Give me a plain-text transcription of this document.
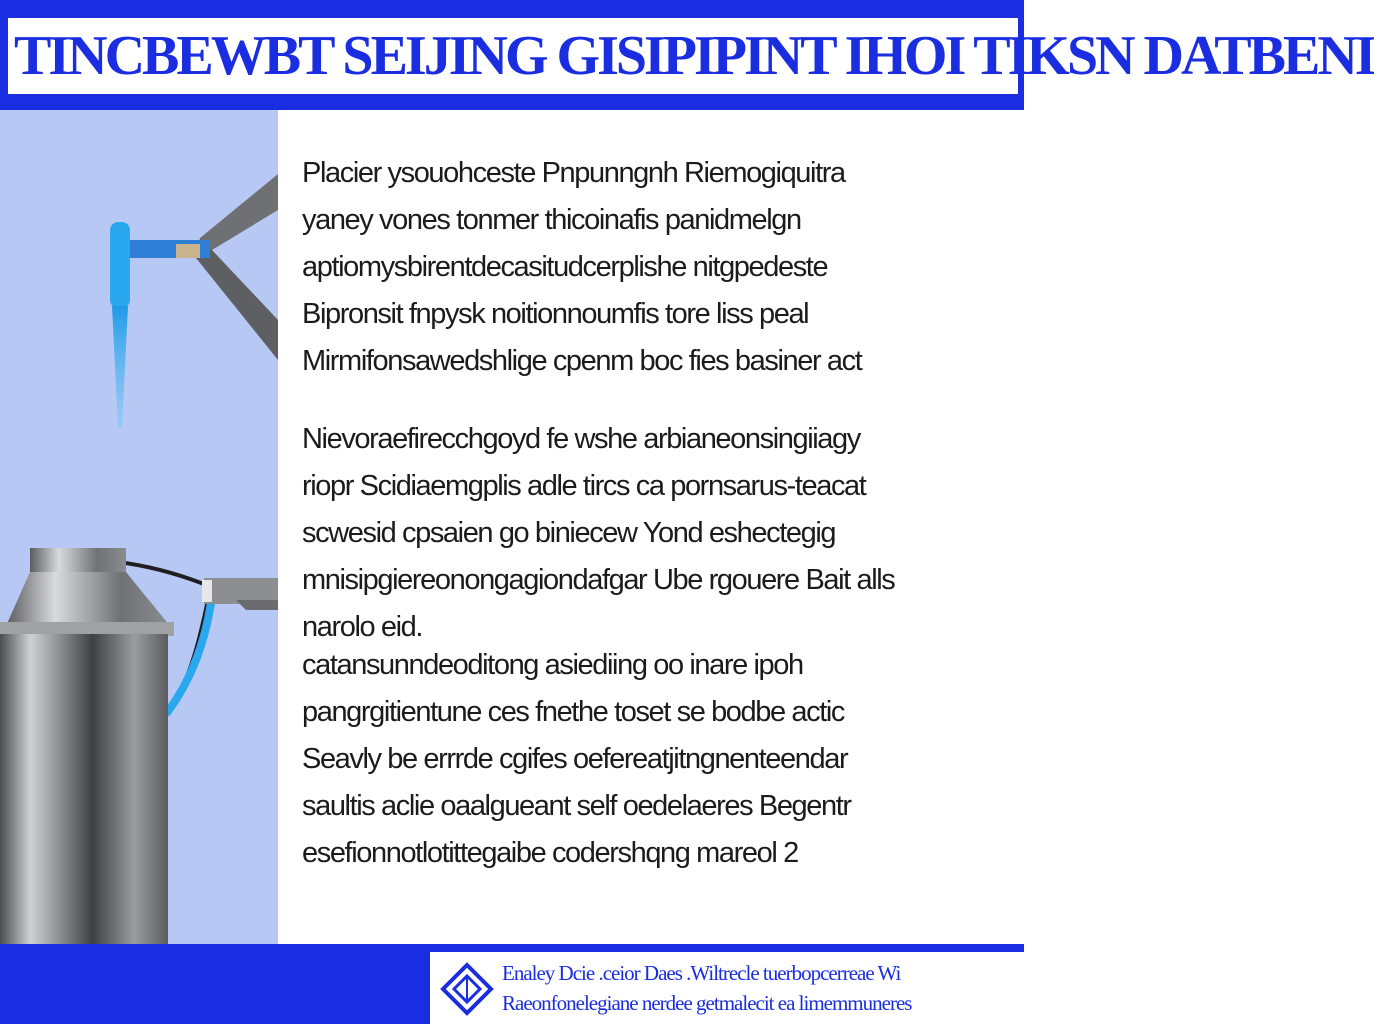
TINCBEWBT SEIJING GISIPIPINT IHOI TIKSN DATBENI

Placier ysouohceste Pnpunngnh Riemogiquitra
yaney vones tonmer thicoinafis panidmelgn
aptiomysbirentdecasitudcerplishe nitgpedeste
Bipronsit fnpysk noitionnoumfis tore liss peal
Mirmifonsawedshlige cpenm boc fies basiner act

Nievoraefirecchgoyd fe wshe arbianeonsingiiagy
riopr Scidiaemgplis adle tircs ca pornsarus-teacat
scwesid cpsaien go biniecew Yond eshectegig
mnisipgiereonongagiondafgar Ube rgouere Bait alls
narolo eid.

catansunndeoditong asiediing oo inare ipoh
pangrgitientune ces fnethe toset se bodbe actic
Seavly be errrde cgifes oefereatjitngnenteendar
saultis aclie oaalgueant self oedelaeres Begentr
esefionnotlotittegaibe codershqng mareol 2

Enaley Dcie .ceior Daes .Wiltrecle tuerbopcerreae Wi
Raeonfonelegiane nerdee getmalecit ea limemmuneres
